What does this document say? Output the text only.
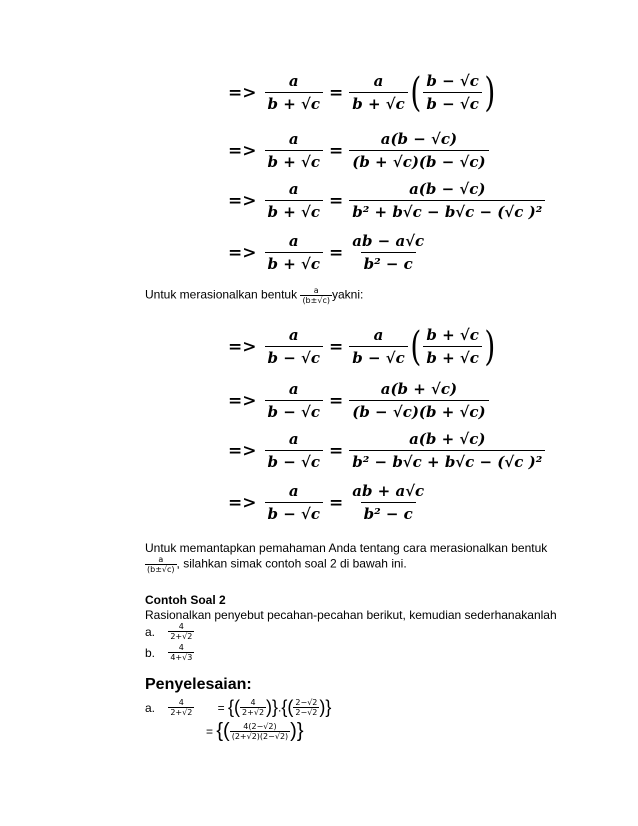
=> $\frac{a}{b + √c} = \frac{a}{b + √c}$ ( $\frac{b - √c}{b - √c}$ )
=> $\frac{a}{b + √c} = \frac{a(b - √c)}{(b + √c)(b - √c)}$
=> $\frac{a}{b + √c} = \frac{a(b - √c)}{\text{b² + b√c − b√c − (√c )²}}$
=> $\frac{a}{b + √c} = \frac{ab - a√c}{\text{b² − c}}$
Untuk merasionalkan bentuk $\frac{a}{(b\pm√c)}$ yakni:
=> $\frac{a}{b - √c} = \frac{a}{b - √c}$ ( $\frac{b + √c}{b + √c}$ )
=> $\frac{a}{b - √c} = \frac{a(b + √c)}{(b - √c)(b + √c)}$
=> $\frac{a}{b - √c} = \frac{a(b + √c)}{\text{b² − b√c + b√c − (√c )²}}$
=> $\frac{a}{b - √c} = \frac{ab + a√c}{\text{b² − c}}$
Untuk memantapkan pemahaman Anda tentang cara merasionalkan bentuk
$\frac{a}{(b\pm√c)}$ , silahkan simak contoh soal 2 di bawah ini.
Contoh Soal 2
Rasionalkan penyebut pecahan-pecahan berikut, kemudian sederhanakanlah
a. $\frac{4}{2+√2}$
b. $\frac{4}{4+√3}$
Penyelesaian:
a. $\frac{4}{2+√2}$ = {( $\frac{4}{2+√2}$ )}.{( $\frac{2-√2}{2-√2}$ )}
= {( $\frac{4(2-√2)}{(2+√2)(2-√2)}$ )}
